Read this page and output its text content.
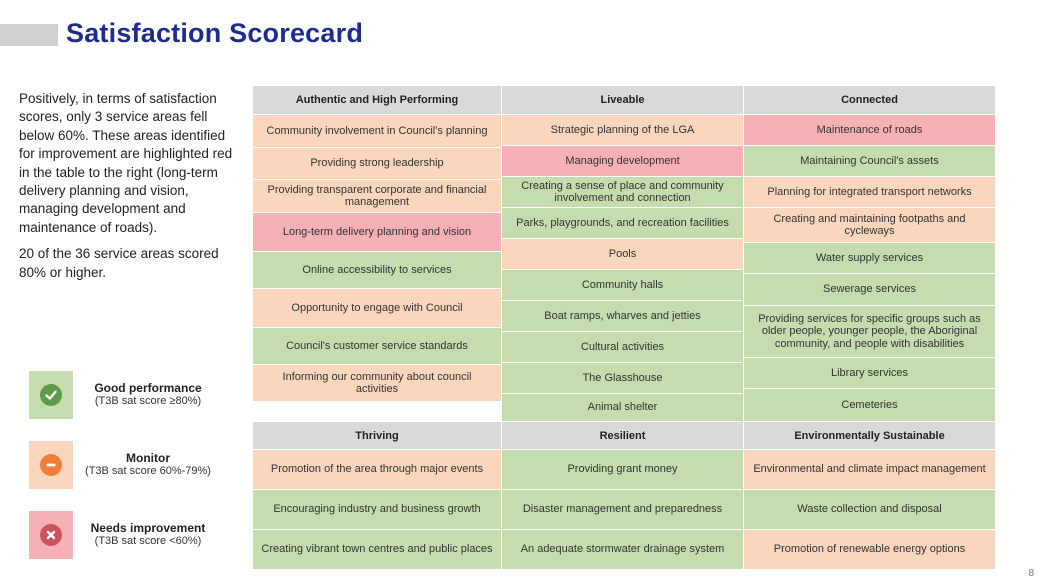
Satisfaction Scorecard

Positively, in terms of satisfaction scores, only 3 service areas fell below 60%. These areas identified for improvement are highlighted red in the table to the right (long-term delivery planning and vision, managing development and maintenance of roads).

20 of the 36 service areas scored 80% or higher.

Good performance
(T3B sat score ≥80%)
Monitor
(T3B sat score 60%-79%)
Needs improvement
(T3B sat score <60%)
Authentic and High Performing
Community involvement in Council's planning
Providing strong leadership
Providing transparent corporate and financial management
Long-term delivery planning and vision
Online accessibility to services
Opportunity to engage with Council
Council's customer service standards
Informing our community about council activities
Liveable
Strategic planning of the LGA
Managing development
Creating a sense of place and community involvement and connection
Parks, playgrounds, and recreation facilities
Pools
Community halls
Boat ramps, wharves and jetties
Cultural activities
The Glasshouse
Animal shelter
Connected
Maintenance of roads
Maintaining Council's assets
Planning for integrated transport networks
Creating and maintaining footpaths and cycleways
Water supply services
Sewerage services
Providing services for specific groups such as older people, younger people, the Aboriginal community, and people with disabilities
Library services
Cemeteries
Thriving
Promotion of the area through major events
Encouraging industry and business growth
Creating vibrant town centres and public places
Resilient
Providing grant money
Disaster management and preparedness
An adequate stormwater drainage system
Environmentally Sustainable
Environmental and climate impact management
Waste collection and disposal
Promotion of renewable energy options
8
